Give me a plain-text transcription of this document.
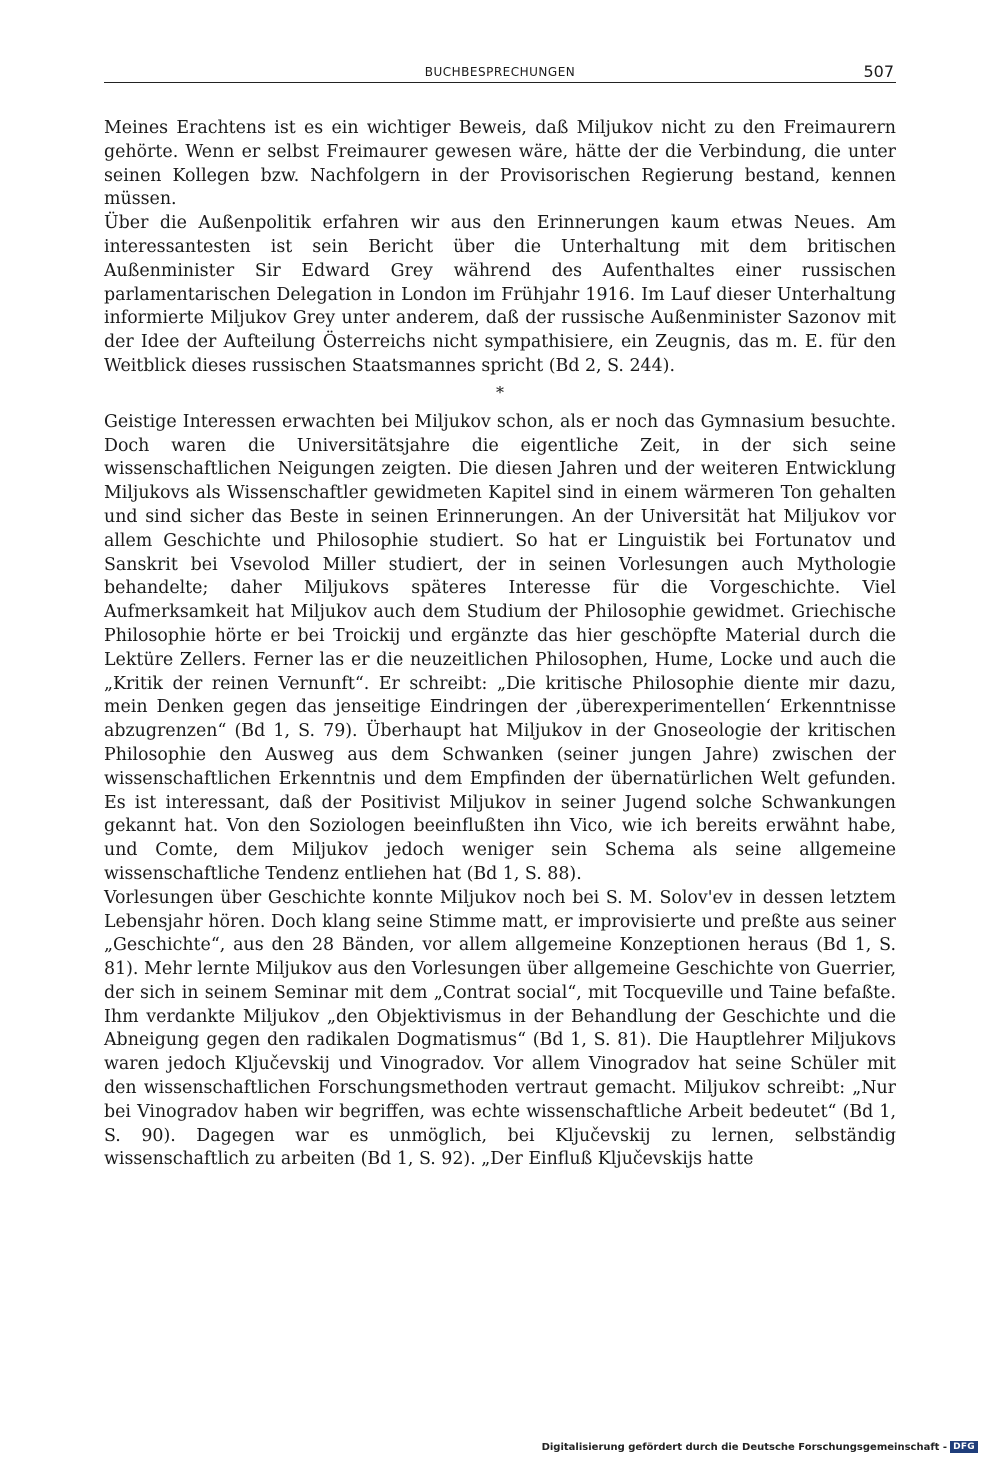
BUCHBESPRECHUNGEN	507

Meines Erachtens ist es ein wichtiger Beweis, daß Miljukov nicht zu den Freimaurern gehörte. Wenn er selbst Freimaurer gewesen wäre, hätte der die Verbindung, die unter seinen Kollegen bzw. Nachfolgern in der Provisorischen Regierung bestand, kennen müssen.

Über die Außenpolitik erfahren wir aus den Erinnerungen kaum etwas Neues. Am interessantesten ist sein Bericht über die Unterhaltung mit dem britischen Außenminister Sir Edward Grey während des Aufenthaltes einer russischen parlamentarischen Delegation in London im Frühjahr 1916. Im Lauf dieser Unterhaltung informierte Miljukov Grey unter anderem, daß der russische Außenminister Sazonov mit der Idee der Aufteilung Österreichs nicht sympathisiere, ein Zeugnis, das m. E. für den Weitblick dieses russischen Staatsmannes spricht (Bd 2, S. 244).

*

Geistige Interessen erwachten bei Miljukov schon, als er noch das Gymnasium besuchte. Doch waren die Universitätsjahre die eigentliche Zeit, in der sich seine wissenschaftlichen Neigungen zeigten. Die diesen Jahren und der weiteren Entwicklung Miljukovs als Wissenschaftler gewidmeten Kapitel sind in einem wärmeren Ton gehalten und sind sicher das Beste in seinen Erinnerungen. An der Universität hat Miljukov vor allem Geschichte und Philosophie studiert. So hat er Linguistik bei Fortunatov und Sanskrit bei Vsevolod Miller studiert, der in seinen Vorlesungen auch Mythologie behandelte; daher Miljukovs späteres Interesse für die Vorgeschichte. Viel Aufmerksamkeit hat Miljukov auch dem Studium der Philosophie gewidmet. Griechische Philosophie hörte er bei Troickij und ergänzte das hier geschöpfte Material durch die Lektüre Zellers. Ferner las er die neuzeitlichen Philosophen, Hume, Locke und auch die „Kritik der reinen Vernunft“. Er schreibt: „Die kritische Philosophie diente mir dazu, mein Denken gegen das jenseitige Eindringen der ‚überexperimentellen‘ Erkenntnisse abzugrenzen“ (Bd 1, S. 79). Überhaupt hat Miljukov in der Gnoseologie der kritischen Philosophie den Ausweg aus dem Schwanken (seiner jungen Jahre) zwischen der wissenschaftlichen Erkenntnis und dem Empfinden der übernatürlichen Welt gefunden. Es ist interessant, daß der Positivist Miljukov in seiner Jugend solche Schwankungen gekannt hat. Von den Soziologen beeinflußten ihn Vico, wie ich bereits erwähnt habe, und Comte, dem Miljukov jedoch weniger sein Schema als seine allgemeine wissenschaftliche Tendenz entliehen hat (Bd 1, S. 88).

Vorlesungen über Geschichte konnte Miljukov noch bei S. M. Solov'ev in dessen letztem Lebensjahr hören. Doch klang seine Stimme matt, er improvisierte und preßte aus seiner „Geschichte“, aus den 28 Bänden, vor allem allgemeine Konzeptionen heraus (Bd 1, S. 81). Mehr lernte Miljukov aus den Vorlesungen über allgemeine Geschichte von Guerrier, der sich in seinem Seminar mit dem „Contrat social“, mit Tocqueville und Taine befaßte. Ihm verdankte Miljukov „den Objektivismus in der Behandlung der Geschichte und die Abneigung gegen den radikalen Dogmatismus“ (Bd 1, S. 81). Die Hauptlehrer Miljukovs waren jedoch Ključevskij und Vinogradov. Vor allem Vinogradov hat seine Schüler mit den wissenschaftlichen Forschungsmethoden vertraut gemacht. Miljukov schreibt: „Nur bei Vinogradov haben wir begriffen, was echte wissenschaftliche Arbeit bedeutet“ (Bd 1, S. 90). Dagegen war es unmöglich, bei Ključevskij zu lernen, selbständig wissenschaftlich zu arbeiten (Bd 1, S. 92). „Der Einfluß Ključevskijs hatte

Digitalisierung gefördert durch die Deutsche Forschungsgemeinschaft - DFG
